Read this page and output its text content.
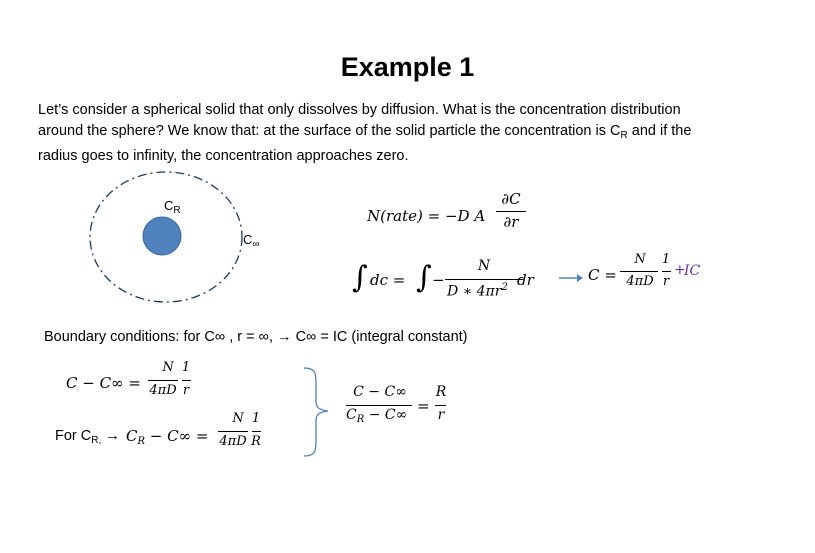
Example 1
Let’s consider a spherical solid that only dissolves by diffusion. What is the concentration distribution
around the sphere? We know that: at the surface of the solid particle the concentration is $C_R$ and if the
radius goes to infinity, the concentration approaches zero.
$C_R$
$C_\infty$
N(rate) = −D A
∂C
∂r
∫ dc = ∫ −
N
D ∗ $4\pi r^2$ dr	C =
N
4πD
1
r
+
IC
Boundary conditions: for C∞ , r = ∞, → C∞ = IC (integral constant)
C − C∞ =
N
4πD
1
r
For $C_{R,} \to C_R - C\infty$ =
N
4πD
1
R
C − C∞
$C_R - C\infty$ =
R
r
